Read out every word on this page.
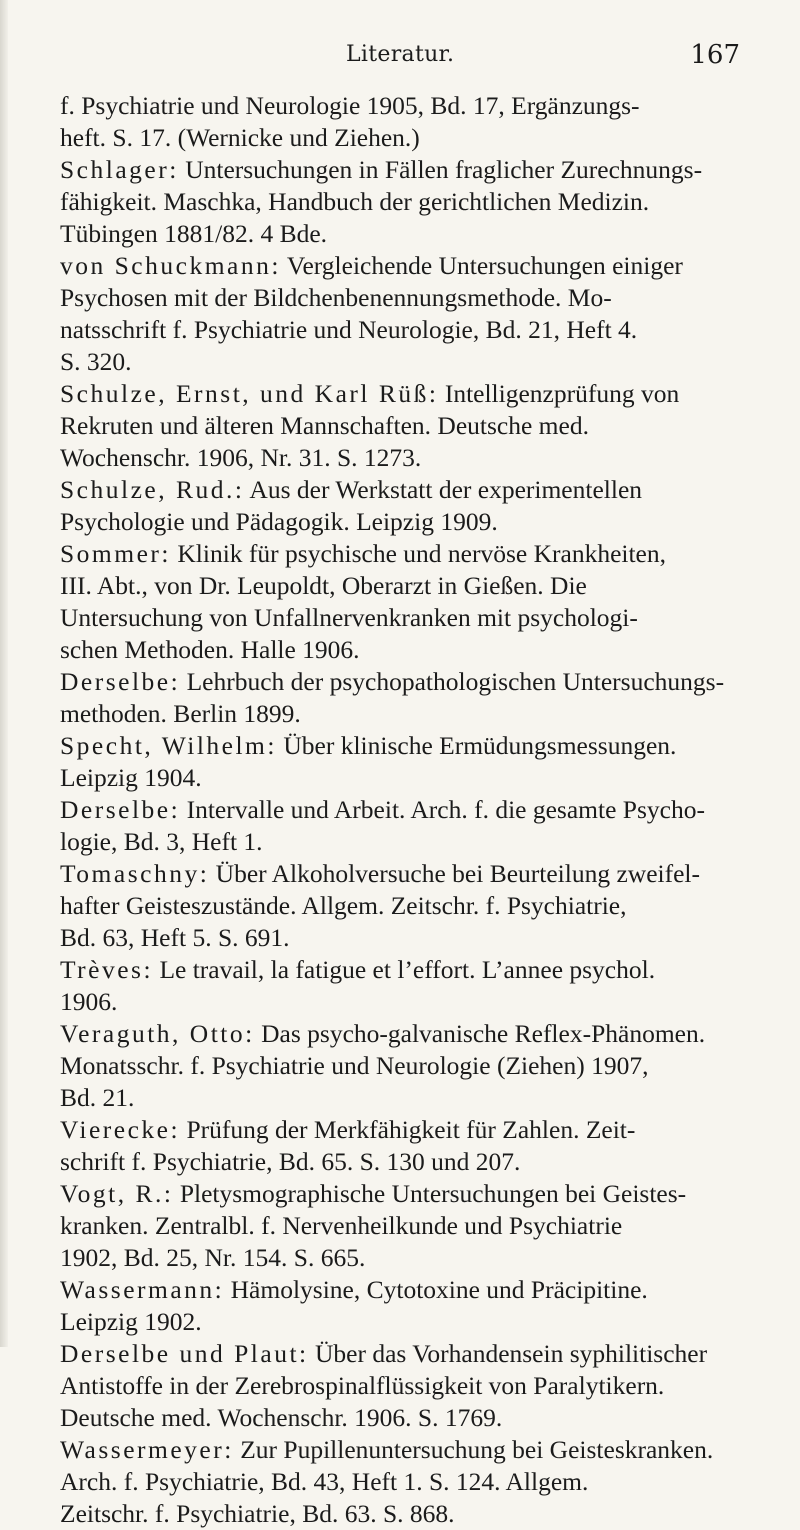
Literatur.	167

f. Psychiatrie und Neurologie 1905, Bd. 17, Ergänzungs-
heft. S. 17. (Wernicke und Ziehen.)

Schlager: Untersuchungen in Fällen fraglicher Zurechnungs-
fähigkeit. Maschka, Handbuch der gerichtlichen Medizin.
Tübingen 1881/82. 4 Bde.

von Schuckmann: Vergleichende Untersuchungen einiger
Psychosen mit der Bildchenbenennungsmethode. Mo-
natsschrift f. Psychiatrie und Neurologie, Bd. 21, Heft 4.
S. 320.

Schulze, Ernst, und Karl Rüß: Intelligenzprüfung von
Rekruten und älteren Mannschaften. Deutsche med.
Wochenschr. 1906, Nr. 31. S. 1273.

Schulze, Rud.: Aus der Werkstatt der experimentellen
Psychologie und Pädagogik. Leipzig 1909.

Sommer: Klinik für psychische und nervöse Krankheiten,
III. Abt., von Dr. Leupoldt, Oberarzt in Gießen. Die
Untersuchung von Unfallnervenkranken mit psychologi-
schen Methoden. Halle 1906.

Derselbe: Lehrbuch der psychopathologischen Untersuchungs-
methoden. Berlin 1899.

Specht, Wilhelm: Über klinische Ermüdungsmessungen.
Leipzig 1904.

Derselbe: Intervalle und Arbeit. Arch. f. die gesamte Psycho-
logie, Bd. 3, Heft 1.

Tomaschny: Über Alkoholversuche bei Beurteilung zweifel-
hafter Geisteszustände. Allgem. Zeitschr. f. Psychiatrie,
Bd. 63, Heft 5. S. 691.

Trèves: Le travail, la fatigue et l’effort. L’annee psychol.
1906.

Veraguth, Otto: Das psycho-galvanische Reflex-Phänomen.
Monatsschr. f. Psychiatrie und Neurologie (Ziehen) 1907,
Bd. 21.

Vierecke: Prüfung der Merkfähigkeit für Zahlen. Zeit-
schrift f. Psychiatrie, Bd. 65. S. 130 und 207.

Vogt, R.: Pletysmographische Untersuchungen bei Geistes-
kranken. Zentralbl. f. Nervenheilkunde und Psychiatrie
1902, Bd. 25, Nr. 154. S. 665.

Wassermann: Hämolysine, Cytotoxine und Präcipitine.
Leipzig 1902.

Derselbe und Plaut: Über das Vorhandensein syphilitischer
Antistoffe in der Zerebrospinalflüssigkeit von Paralytikern.
Deutsche med. Wochenschr. 1906. S. 1769.

Wassermeyer: Zur Pupillenuntersuchung bei Geisteskranken.
Arch. f. Psychiatrie, Bd. 43, Heft 1. S. 124. Allgem.
Zeitschr. f. Psychiatrie, Bd. 63. S. 868.
